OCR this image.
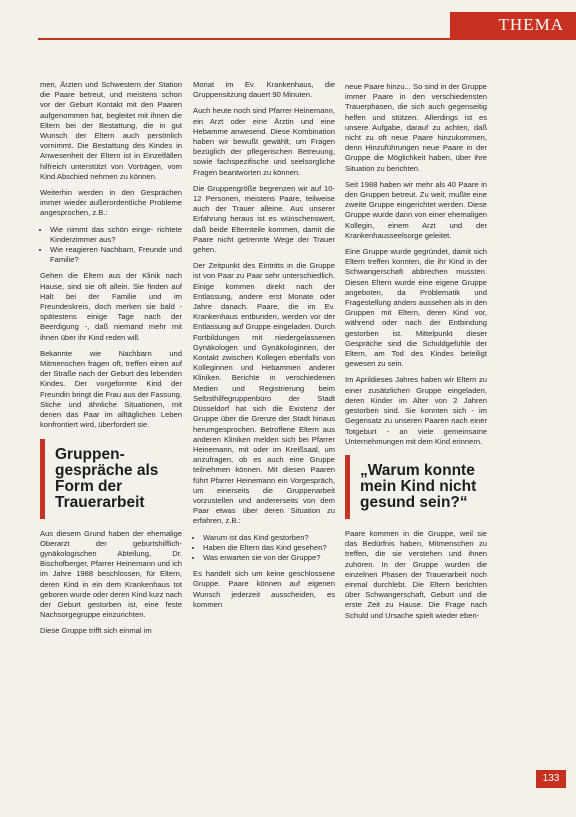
THEMA

men, Ärzten und Schwestern der Station die Paare betreut, und meistens schon vor der Geburt Kontakt mit den Paaren aufgenommen hat, begleitet mit ihnen die Eltern bei der Bestattung, die in gut Wunsch der Eltern auch persönlich vornimmt. Die Bestattung des Kindes in Anwesenheit der Eltern ist in Einzelfällen hilfreich unterstützt von Vorträgen, vom Kind Abschied nehmen zu können.

Weiterhin werden in den Gesprächen immer wieder außerordentliche Probleme angesprochen, z.B.:

• Wie nimmt das schön einge- richtete Kinderzimmer aus?
• Wie reagieren Nachbarn, Freunde und Familie?

Gehen die Eltern aus der Klinik nach Hause, sind sie oft allein. Sie finden auf Halt bei der Familie und im Freundeskreis, doch merken sie bald - spätestens einige Tage nach der Beerdigung -, daß niemand mehr mit ihnen über ihr Kind reden will.

Bekannte wie Nachbarn und Mitmenschen fragen oft, treffen einen auf der Straße nach der Geburt des lebenden Kindes. Der vorgeformte Kind der Freundin bringt die Frau aus der Fassung. Stiche und ähnliche Situationen, mit denen das Paar im alltäglichen Leben konfrontiert wird, überfordert sie.

Gruppen- gespräche als Form der Trauerarbeit

Aus diesem Grund haben der ehemalige Oberarzt der geburtshilflich-gynäkologischen Abteilung, Dr. Bischofberger, Pfarrer Heinemann und ich im Jahre 1988 beschlossen, für Eltern, deren Kind in ein dem Krankenhaus tot geboren wurde oder deren Kind kurz nach der Geburt gestorben ist, eine feste Nachsorgegruppe einzurichten.

Diese Gruppe trifft sich einmal im

Monat im Ev. Krankenhaus, die Gruppensitzung dauert 90 Minuten.

Auch heute noch sind Pfarrer Heinemann, ein Arzt oder eine Ärztin und eine Hebamme anwesend. Diese Kombination haben wir bewußt gewählt, um Fragen bezüglich der pflegerischen Betreuung, sowie fachspezifische und seelsorgliche Fragen beantworten zu können.

Die Gruppengröße begrenzen wir auf 10-12 Personen, meistens Paare, teilweise auch der Trauer alleine. Aus unserer Erfahrung heraus ist es wünschenswert, daß beide Elternteile kommen, damit die Paare nicht getrennte Wege der Trauer gehen.

Der Zeitpunkt des Eintritts in die Gruppe ist von Paar zu Paar sehr unterschiedlich. Einige kommen direkt nach der Entlassung, andere erst Monate oder Jahre danach. Paare, die im Ev. Krankenhaus entbunden, werden vor der Entlassung auf Gruppe eingeladen. Durch Fortbildungen mit niedergelassenen Gynäkologen und Gynäkologinnen, der Kontakt zwischen Kollegen ebenfalls von Kolleginnen und Hebammen anderer Kliniken. Berichte in verschiedenen Medien und Registrierung beim Selbsthilfegruppenbüro der Stadt Düsseldorf hat sich die Existenz der Gruppe über die Grenze der Stadt hinaus herumgesprochen. Betroffene Eltern aus anderen Kliniken melden sich bei Pfarrer Heinemann, mit oder im Kreißsaal, um anzufragen, ob es auch eine Gruppe teilnehmen können. Mit diesen Paaren führt Pfarrer Heinemann ein Vorgespräch, um einerseits die Gruppenarbeit vorzustellen und andererseits von dem Paar etwas über deren Situation zu erfahren, z.B.:

• Warum ist das Kind gestorben?
• Haben die Eltern das Kind gesehen?
• Was erwarten sie von der Gruppe?

Es handelt sich um keine geschlossene Gruppe. Paare können auf eigenen Wunsch jederzeit ausscheiden, es kommen

neue Paare hinzu... So sind in der Gruppe immer Paare in den verschiedensten Trauerphasen, die sich auch gegenseitig helfen und stützen. Allerdings ist es unsere Aufgabe, darauf zu achten, daß nicht zu oft neue Paare hinzukommen, denn Hinzuführungen neue Paare in der Gruppe die Möglichkeit haben, über ihre Situation zu berichten.

Seit 1988 haben wir mehr als 40 Paare in den Gruppen betreut. Zu weit, mußte eine zweite Gruppe eingerichtet werden. Diese Gruppe wurde dann von einer ehemaligen Kollegin, einem Arzt und der Krankenhausseelsorge geleitet.

Eine Gruppe wurde gegründet, damit sich Eltern treffen konnten, die ihr Kind in der Schwangerschaft abbrechen mussten. Diesen Eltern wurde eine eigene Gruppe angeboten, da Problematik und Fragestellung anders aussehen als in den Gruppen mit Eltern, deren Kind vor, während oder nach der Entbindung gestorben ist. Mittelpunkt dieser Gespräche sind die Schuldgefühle der Eltern, am Tod des Kindes beteiligt gewesen zu sein.

Im Aprildieses Jahres haben wir Eltern zu einer zusätzlichen Gruppe eingeladen, deren Kinder im Alter von 2 Jahren gestorben sind. Sie konnten sich - im Gegensatz zu unseren Paaren nach einer Totgeburt - an viele gemeinsame Unternehmungen mit dem Kind erinnern.

„Warum konnte mein Kind nicht gesund sein?“

Paare kommen in die Gruppe, weil sie das Bedürfnis haben, Mitmenschen zu treffen, die sie verstehen und ihnen zuhören. In der Gruppe wurden die einzelnen Phasen der Trauerarbeit noch einmal durchlebt. Die Eltern berichten über Schwangerschaft, Geburt und die erste Zeit zu Hause. Die Frage nach Schuld und Ursache spielt wieder eben-

133
